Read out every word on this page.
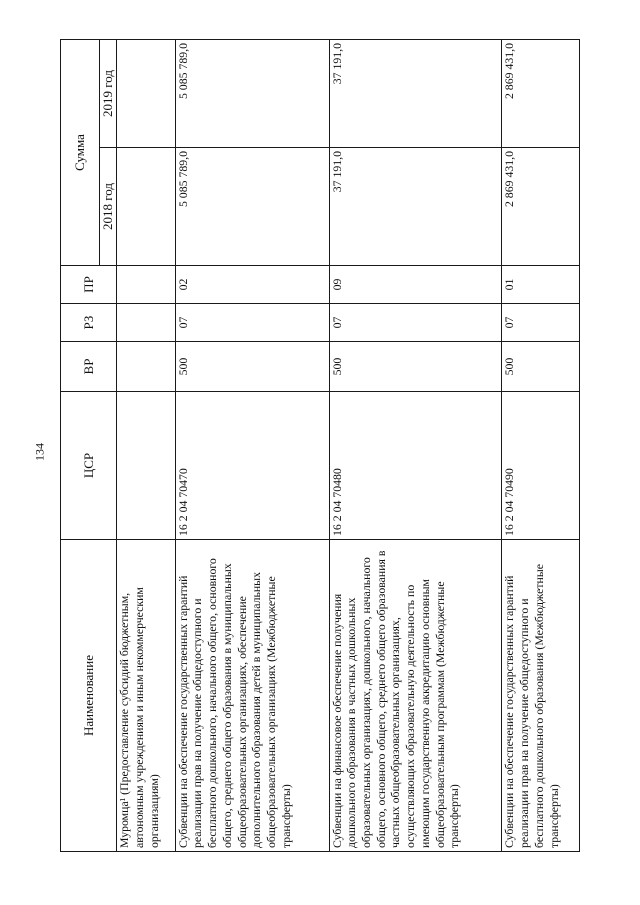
134
Наименование	ЦСР	ВР	РЗ	ПР	Сумма	
					2018 год	2019 год
Муромца¹ (Предоставление субсидий бюджетным, автономным учреждениям и иным некоммерческим организациям)						
Субвенции на обеспечение государственных гарантий реализации прав на получение общедоступного и бесплатного дошкольного, начального общего, основного общего, среднего общего образования в муниципальных общеобразовательных организациях, обеспечение дополнительного образования детей в муниципальных общеобразовательных организациях (Межбюджетные трансферты)	16 2 04 70470	500	07	02	5 085 789,0	5 085 789,0
Субвенции на финансовое обеспечение получения дошкольного образования в частных дошкольных образовательных организациях, дошкольного, начального общего, основного общего, среднего общего образования в частных общеобразовательных организациях, осуществляющих образовательную деятельность по имеющим государственную аккредитацию основным общеобразовательным программам (Межбюджетные трансферты)	16 2 04 70480	500	07	09	37 191,0	37 191,0
Субвенции на обеспечение государственных гарантий реализации прав на получение общедоступного и бесплатного дошкольного образования (Межбюджетные трансферты)	16 2 04 70490	500	07	01	2 869 431,0	2 869 431,0
